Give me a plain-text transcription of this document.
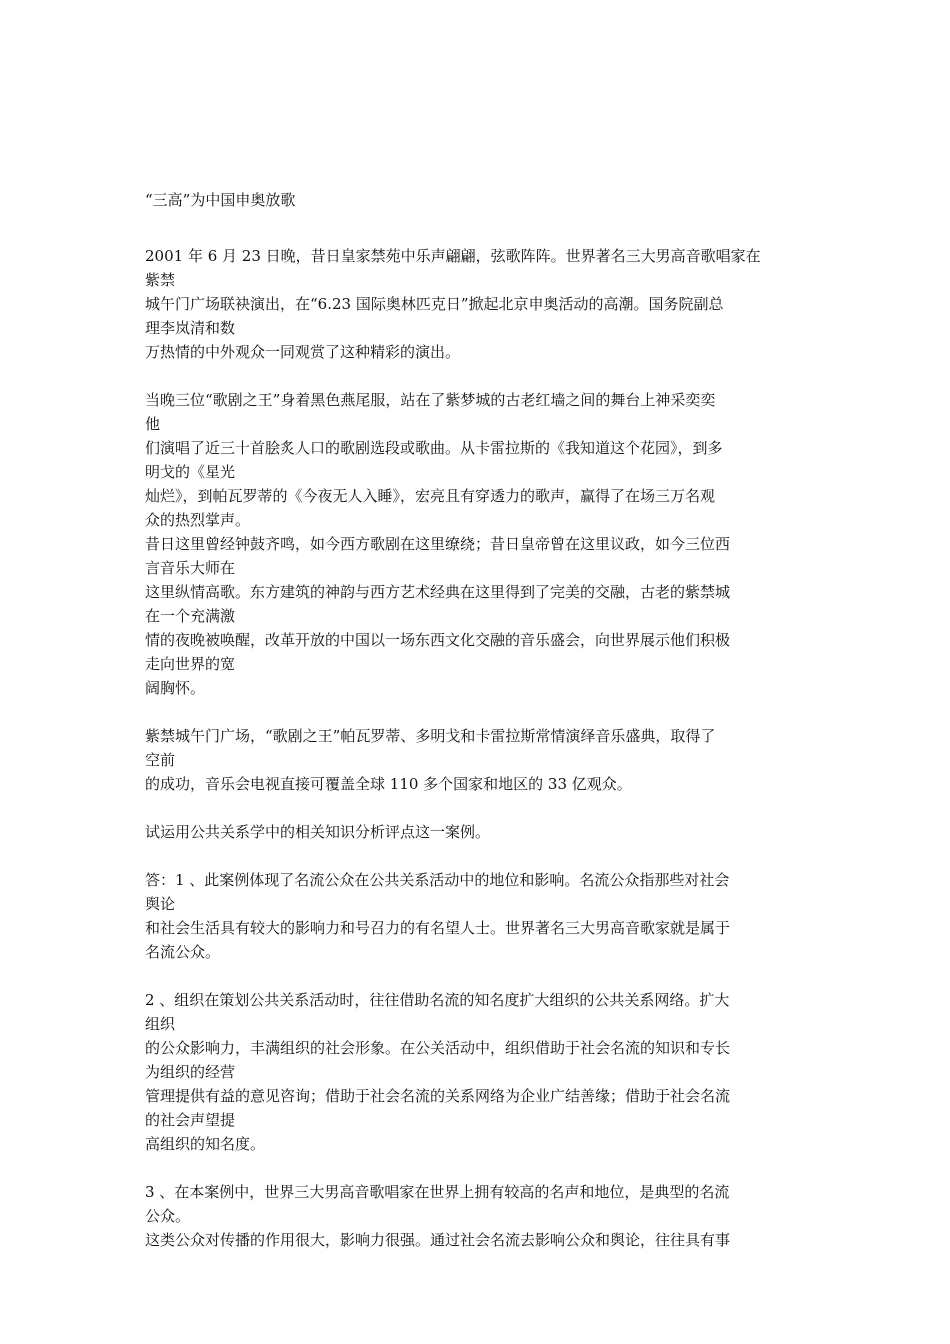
“三高”为中国申奥放歌
2001 年 6 月 23 日晚，昔日皇家禁苑中乐声翩翩，弦歌阵阵。世界著名三大男高音歌唱家在
紫禁
城午门广场联袂演出，在“6.23 国际奥林匹克日”掀起北京申奥活动的高潮。国务院副总
理李岚清和数
万热情的中外观众一同观赏了这种精彩的演出。
当晚三位“歌剧之王”身着黑色燕尾服，站在了紫梦城的古老红墙之间的舞台上神采奕奕
他
们演唱了近三十首脍炙人口的歌剧选段或歌曲。从卡雷拉斯的《我知道这个花园》，到多
明戈的《星光
灿烂》，到帕瓦罗蒂的《今夜无人入睡》，宏亮且有穿透力的歌声，赢得了在场三万名观
众的热烈掌声。
昔日这里曾经钟鼓齐鸣，如今西方歌剧在这里缭绕；昔日皇帝曾在这里议政，如今三位西
言音乐大师在
这里纵情高歌。东方建筑的神韵与西方艺术经典在这里得到了完美的交融，古老的紫禁城
在一个充满激
情的夜晚被唤醒，改革开放的中国以一场东西文化交融的音乐盛会，向世界展示他们积极
走向世界的宽
阔胸怀。
紫禁城午门广场，“歌剧之王”帕瓦罗蒂、多明戈和卡雷拉斯常情演绎音乐盛典，取得了
空前
的成功，音乐会电视直接可覆盖全球 110 多个国家和地区的 33 亿观众。
试运用公共关系学中的相关知识分析评点这一案例。
答：1 、此案例体现了名流公众在公共关系活动中的地位和影响。名流公众指那些对社会
舆论
和社会生活具有较大的影响力和号召力的有名望人士。世界著名三大男高音歌家就是属于
名流公众。
2 、组织在策划公共关系活动时，往往借助名流的知名度扩大组织的公共关系网络。扩大
组织
的公众影响力，丰满组织的社会形象。在公关活动中，组织借助于社会名流的知识和专长
为组织的经营
管理提供有益的意见咨询；借助于社会名流的关系网络为企业广结善缘；借助于社会名流
的社会声望提
高组织的知名度。
3 、在本案例中，世界三大男高音歌唱家在世界上拥有较高的名声和地位，是典型的名流
公众。
这类公众对传播的作用很大，影响力很强。通过社会名流去影响公众和舆论，往往具有事
